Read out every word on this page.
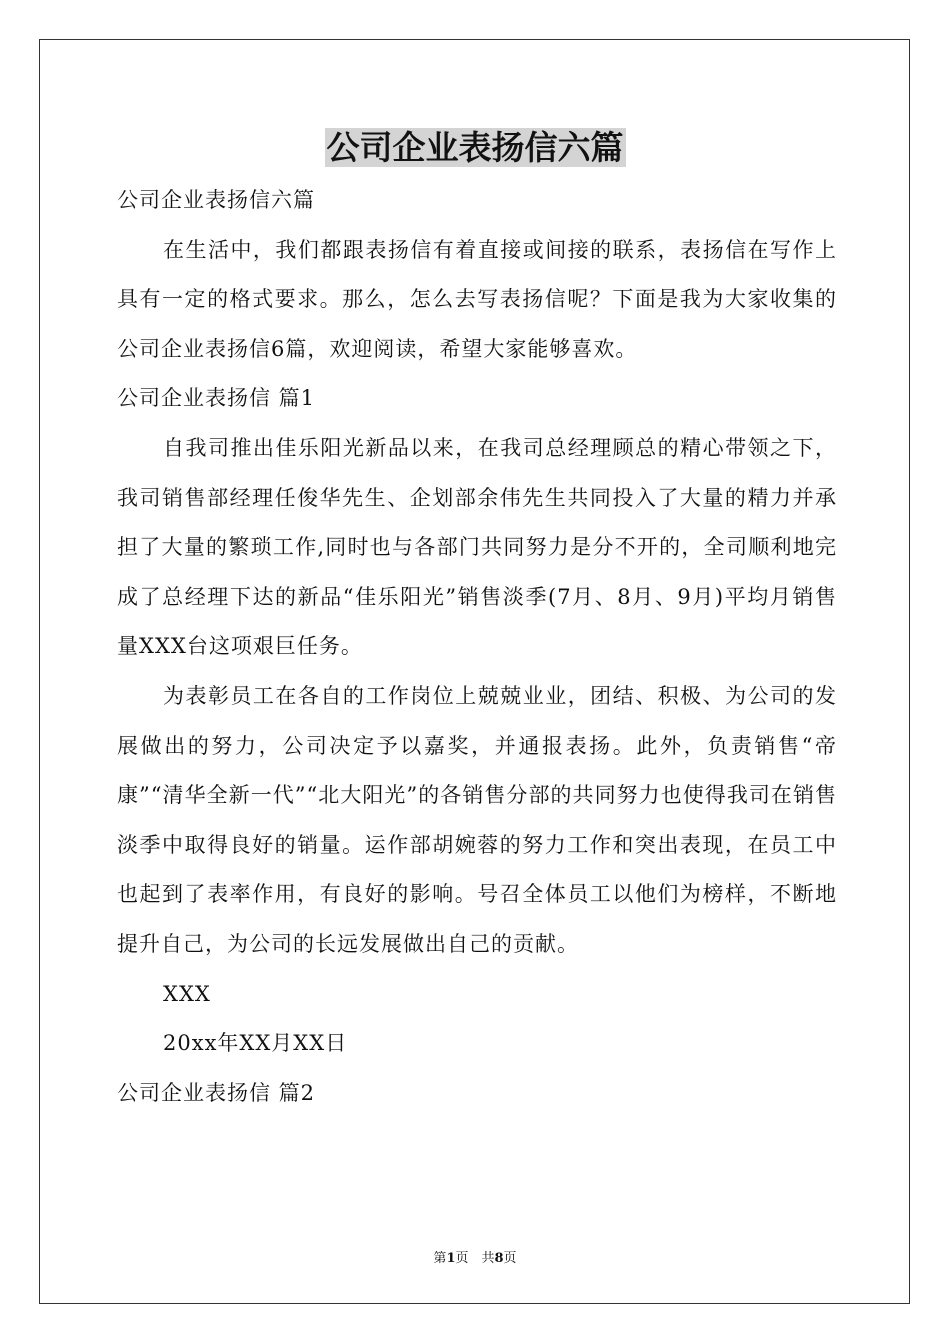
公司企业表扬信六篇

公司企业表扬信六篇

在生活中，我们都跟表扬信有着直接或间接的联系，表扬信在写作上具有一定的格式要求。那么，怎么去写表扬信呢？下面是我为大家收集的公司企业表扬信6篇，欢迎阅读，希望大家能够喜欢。

公司企业表扬信 篇1

自我司推出佳乐阳光新品以来，在我司总经理顾总的精心带领之下，我司销售部经理任俊华先生、企划部余伟先生共同投入了大量的精力并承担了大量的繁琐工作,同时也与各部门共同努力是分不开的，全司顺利地完成了总经理下达的新品“佳乐阳光”销售淡季(7月、8月、9月)平均月销售量XXX台这项艰巨任务。

为表彰员工在各自的工作岗位上兢兢业业，团结、积极、为公司的发展做出的努力，公司决定予以嘉奖，并通报表扬。此外，负责销售“帝康”“清华全新一代”“北大阳光”的各销售分部的共同努力也使得我司在销售淡季中取得良好的销量。运作部胡婉蓉的努力工作和突出表现，在员工中也起到了表率作用，有良好的影响。号召全体员工以他们为榜样，不断地提升自己，为公司的长远发展做出自己的贡献。

XXX

20xx年XX月XX日

公司企业表扬信 篇2

第1页　共8页
